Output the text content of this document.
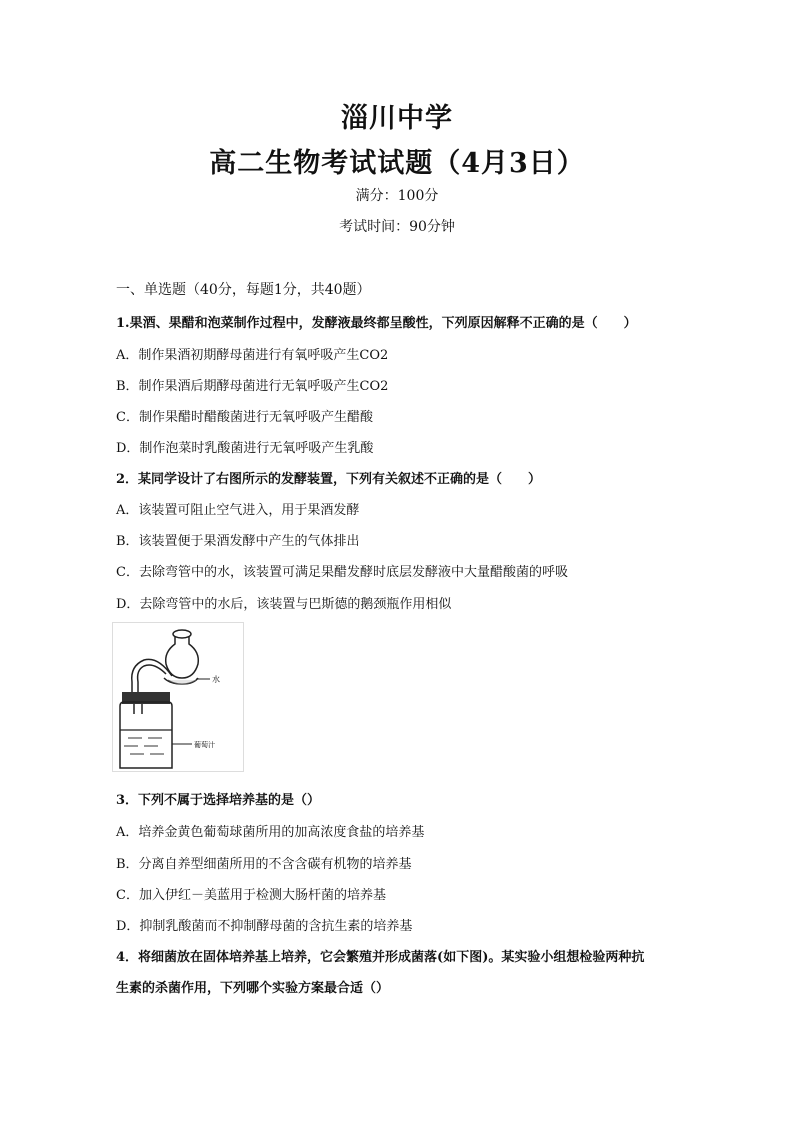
淄川中学
高二生物考试试题（4月3日）
满分：100分
考试时间：90分钟
一、单选题（40分，每题1分，共40题）
1.果酒、果醋和泡菜制作过程中，发酵液最终都呈酸性，下列原因解释不正确的是（　　）
A．制作果酒初期酵母菌进行有氧呼吸产生CO2
B．制作果酒后期酵母菌进行无氧呼吸产生CO2
C．制作果醋时醋酸菌进行无氧呼吸产生醋酸
D．制作泡菜时乳酸菌进行无氧呼吸产生乳酸
2．某同学设计了右图所示的发酵装置，下列有关叙述不正确的是（　　）
A．该装置可阻止空气进入，用于果酒发酵
B．该装置便于果酒发酵中产生的气体排出
C．去除弯管中的水，该装置可满足果醋发酵时底层发酵液中大量醋酸菌的呼吸
D．去除弯管中的水后，该装置与巴斯德的鹅颈瓶作用相似
水
葡萄汁
3．下列不属于选择培养基的是（）
A．培养金黄色葡萄球菌所用的加高浓度食盐的培养基
B．分离自养型细菌所用的不含含碳有机物的培养基
C．加入伊红－美蓝用于检测大肠杆菌的培养基
D．抑制乳酸菌而不抑制酵母菌的含抗生素的培养基
4．将细菌放在固体培养基上培养，它会繁殖并形成菌落(如下图)。某实验小组想检验两种抗
生素的杀菌作用，下列哪个实验方案最合适（）
